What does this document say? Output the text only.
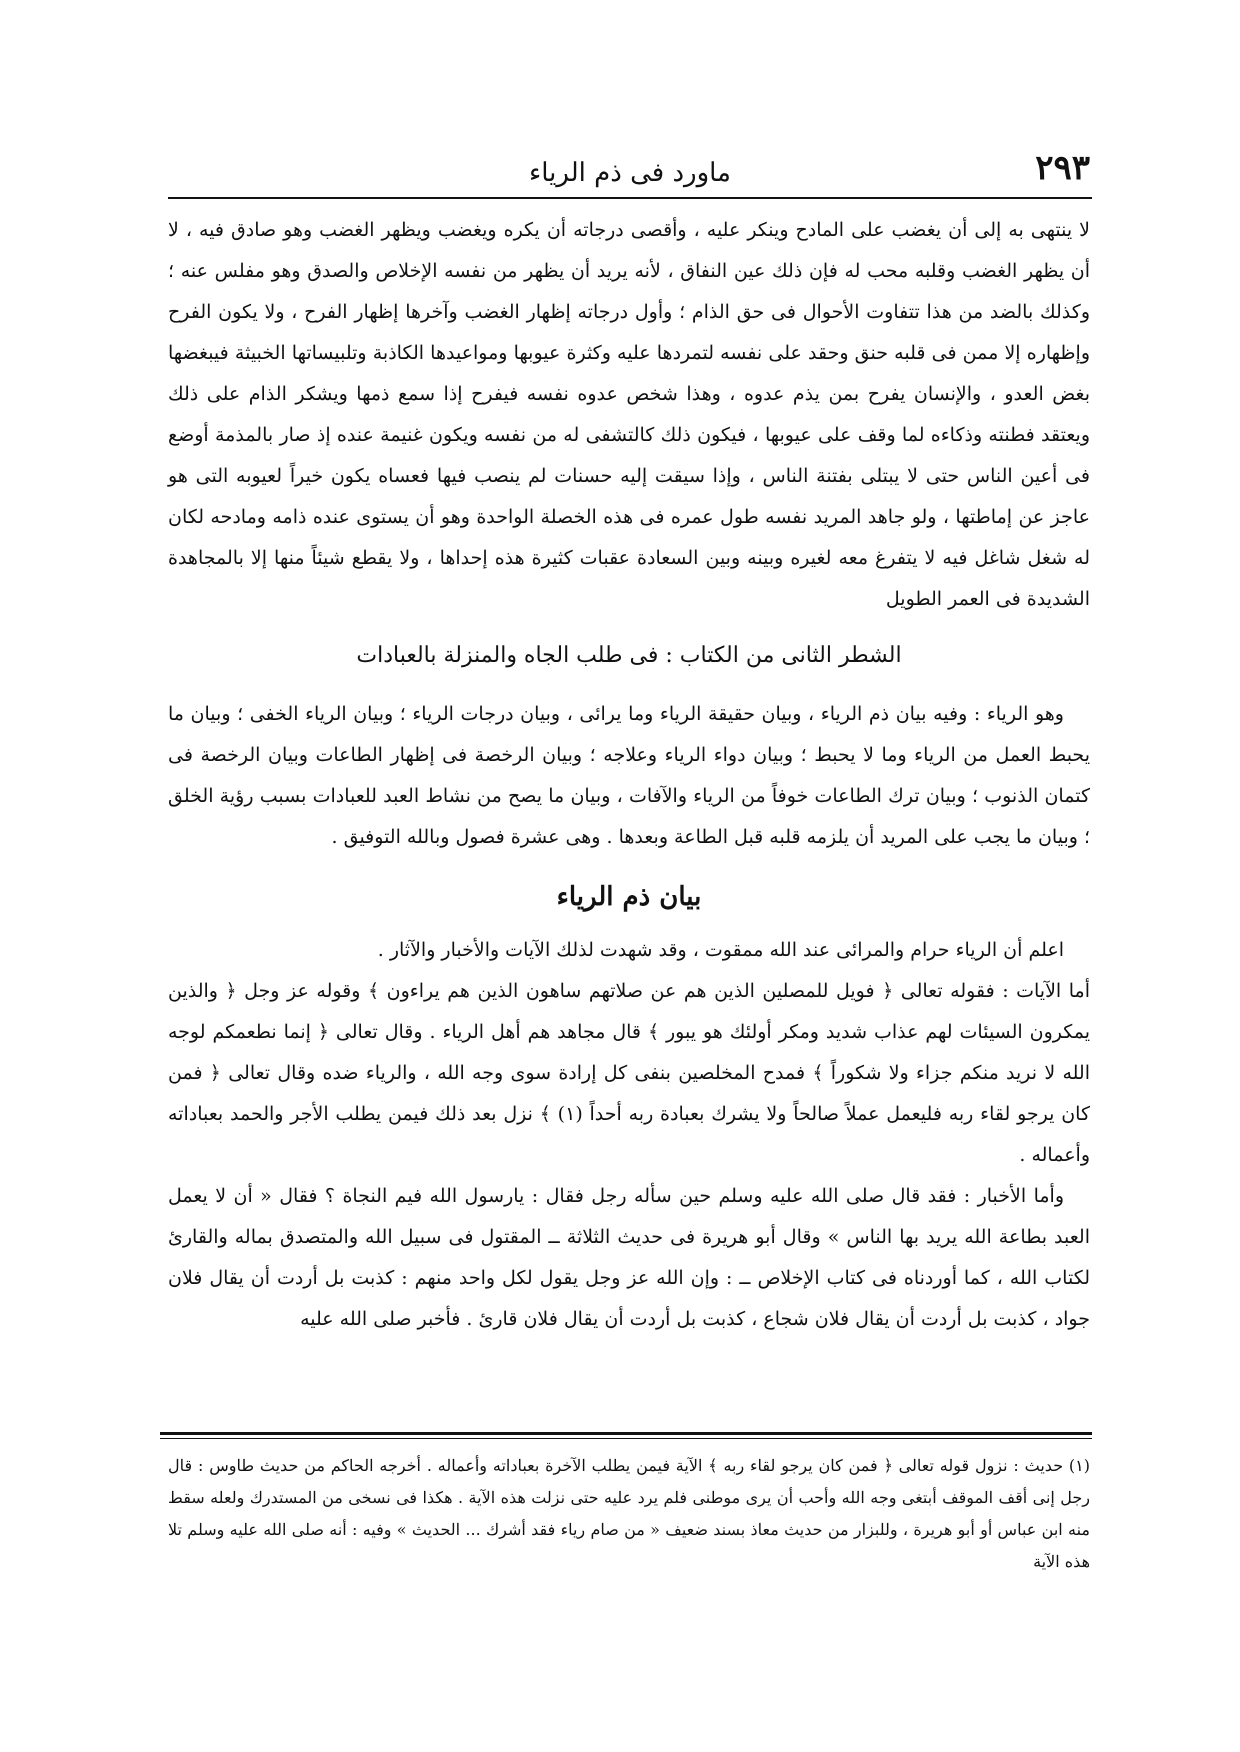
٢٩٣
ماورد فى ذم الرياء

لا ينتهى به إلى أن يغضب على المادح وينكر عليه ، وأقصى درجاته أن يكره ويغضب ويظهر الغضب وهو صادق فيه ، لا أن يظهر الغضب وقلبه محب له فإن ذلك عين النفاق ، لأنه يريد أن يظهر من نفسه الإخلاص والصدق وهو مفلس عنه ؛ وكذلك بالضد من هذا تتفاوت الأحوال فى حق الذام ؛ وأول درجاته إظهار الغضب وآخرها إظهار الفرح ، ولا يكون الفرح وإظهاره إلا ممن فى قلبه حنق وحقد على نفسه لتمردها عليه وكثرة عيوبها ومواعيدها الكاذبة وتلبيساتها الخبيثة فيبغضها بغض العدو ، والإنسان يفرح بمن يذم عدوه ، وهذا شخص عدوه نفسه فيفرح إذا سمع ذمها ويشكر الذام على ذلك ويعتقد فطنته وذكاءه لما وقف على عيوبها ، فيكون ذلك كالتشفى له من نفسه ويكون غنيمة عنده إذ صار بالمذمة أوضع فى أعين الناس حتى لا يبتلى بفتنة الناس ، وإذا سيقت إليه حسنات لم ينصب فيها فعساه يكون خيراً لعيوبه التى هو عاجز عن إماطتها ، ولو جاهد المريد نفسه طول عمره فى هذه الخصلة الواحدة وهو أن يستوى عنده ذامه ومادحه لكان له شغل شاغل فيه لا يتفرغ معه لغيره وبينه وبين السعادة عقبات كثيرة هذه إحداها ، ولا يقطع شيئاً منها إلا بالمجاهدة الشديدة فى العمر الطويل

الشطر الثانى من الكتاب : فى طلب الجاه والمنزلة بالعبادات

وهو الرياء : وفيه بيان ذم الرياء ، وبيان حقيقة الرياء وما يرائى ، وبيان درجات الرياء ؛ وبيان الرياء الخفى ؛ وبيان ما يحبط العمل من الرياء وما لا يحبط ؛ وبيان دواء الرياء وعلاجه ؛ وبيان الرخصة فى إظهار الطاعات وبيان الرخصة فى كتمان الذنوب ؛ وبيان ترك الطاعات خوفاً من الرياء والآفات ، وبيان ما يصح من نشاط العبد للعبادات بسبب رؤية الخلق ؛ وبيان ما يجب على المريد أن يلزمه قلبه قبل الطاعة وبعدها . وهى عشرة فصول وبالله التوفيق .

بيان ذم الرياء

اعلم أن الرياء حرام والمرائى عند الله ممقوت ، وقد شهدت لذلك الآيات والأخبار والآثار .

أما الآيات : فقوله تعالى ﴿ فويل للمصلين الذين هم عن صلاتهم ساهون الذين هم يراءون ﴾ وقوله عز وجل ﴿ والذين يمكرون السيئات لهم عذاب شديد ومكر أولئك هو يبور ﴾ قال مجاهد هم أهل الرياء . وقال تعالى ﴿ إنما نطعمكم لوجه الله لا نريد منكم جزاء ولا شكوراً ﴾ فمدح المخلصين بنفى كل إرادة سوى وجه الله ، والرياء ضده وقال تعالى ﴿ فمن كان يرجو لقاء ربه فليعمل عملاً صالحاً ولا يشرك بعبادة ربه أحداً (١) ﴾ نزل بعد ذلك فيمن يطلب الأجر والحمد بعباداته وأعماله .

وأما الأخبار : فقد قال صلى الله عليه وسلم حين سأله رجل فقال : يارسول الله فيم النجاة ؟ فقال « أن لا يعمل العبد بطاعة الله يريد بها الناس » وقال أبو هريرة فى حديث الثلاثة ــ المقتول فى سبيل الله والمتصدق بماله والقارئ لكتاب الله ، كما أوردناه فى كتاب الإخلاص ــ : وإن الله عز وجل يقول لكل واحد منهم : كذبت بل أردت أن يقال فلان جواد ، كذبت بل أردت أن يقال فلان شجاع ، كذبت بل أردت أن يقال فلان قارئ . فأخبر صلى الله عليه

(١) حديث : نزول قوله تعالى ﴿ فمن كان يرجو لقاء ربه ﴾ الآية فيمن يطلب الآخرة بعباداته وأعماله . أخرجه الحاكم من حديث طاوس : قال رجل إنى أقف الموقف أبتغى وجه الله وأحب أن يرى موطنى فلم يرد عليه حتى نزلت هذه الآية . هكذا فى نسخى من المستدرك ولعله سقط منه ابن عباس أو أبو هريرة ، وللبزار من حديث معاذ بسند ضعيف « من صام رياء فقد أشرك ... الحديث » وفيه : أنه صلى الله عليه وسلم تلا هذه الآية
